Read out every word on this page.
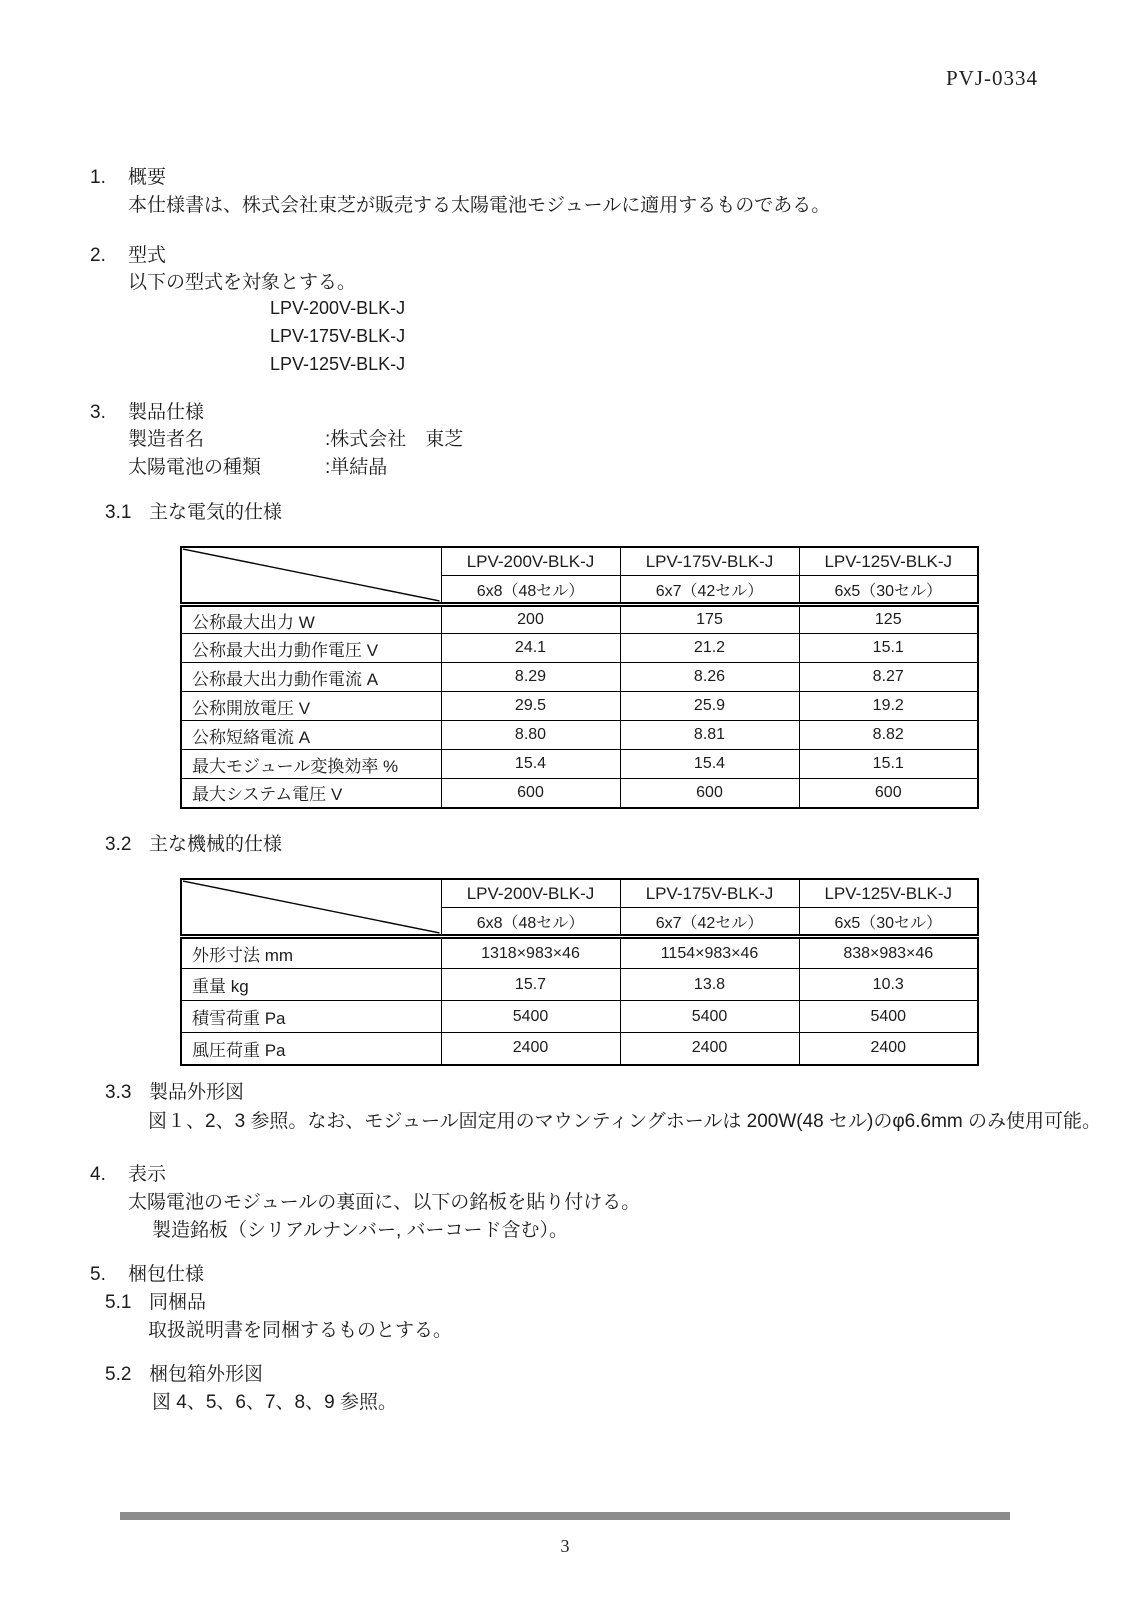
PVJ-0334
1. 概要
本仕様書は、株式会社東芝が販売する太陽電池モジュールに適用するものである。
2. 型式
以下の型式を対象とする。
LPV-200V-BLK-J
LPV-175V-BLK-J
LPV-125V-BLK-J
3. 製品仕様
製造者名	:株式会社　東芝
太陽電池の種類	:単結晶
3.1 主な電気的仕様
	LPV-200V-BLK-J	LPV-175V-BLK-J	LPV-125V-BLK-J
	6x8（48セル）	6x7（42セル）	6x5（30セル）
公称最大出力 W	200	175	125
公称最大出力動作電圧 V	24.1	21.2	15.1
公称最大出力動作電流 A	8.29	8.26	8.27
公称開放電圧 V	29.5	25.9	19.2
公称短絡電流 A	8.80	8.81	8.82
最大モジュール変換効率 %	15.4	15.4	15.1
最大システム電圧 V	600	600	600
3.2 主な機械的仕様
	LPV-200V-BLK-J	LPV-175V-BLK-J	LPV-125V-BLK-J
	6x8（48セル）	6x7（42セル）	6x5（30セル）
外形寸法 mm	1318×983×46	1154×983×46	838×983×46
重量 kg	15.7	13.8	10.3
積雪荷重 Pa	5400	5400	5400
風圧荷重 Pa	2400	2400	2400
3.3 製品外形図
図１、2、3 参照。なお、モジュール固定用のマウンティングホールは 200W(48 セル)のφ6.6mm のみ使用可能。
4. 表示
太陽電池のモジュールの裏面に、以下の銘板を貼り付ける。
製造銘板（シリアルナンバー, バーコード含む）。
5. 梱包仕様
5.1 同梱品
取扱説明書を同梱するものとする。
5.2 梱包箱外形図
図 4、5、6、7、8、9 参照。
3
